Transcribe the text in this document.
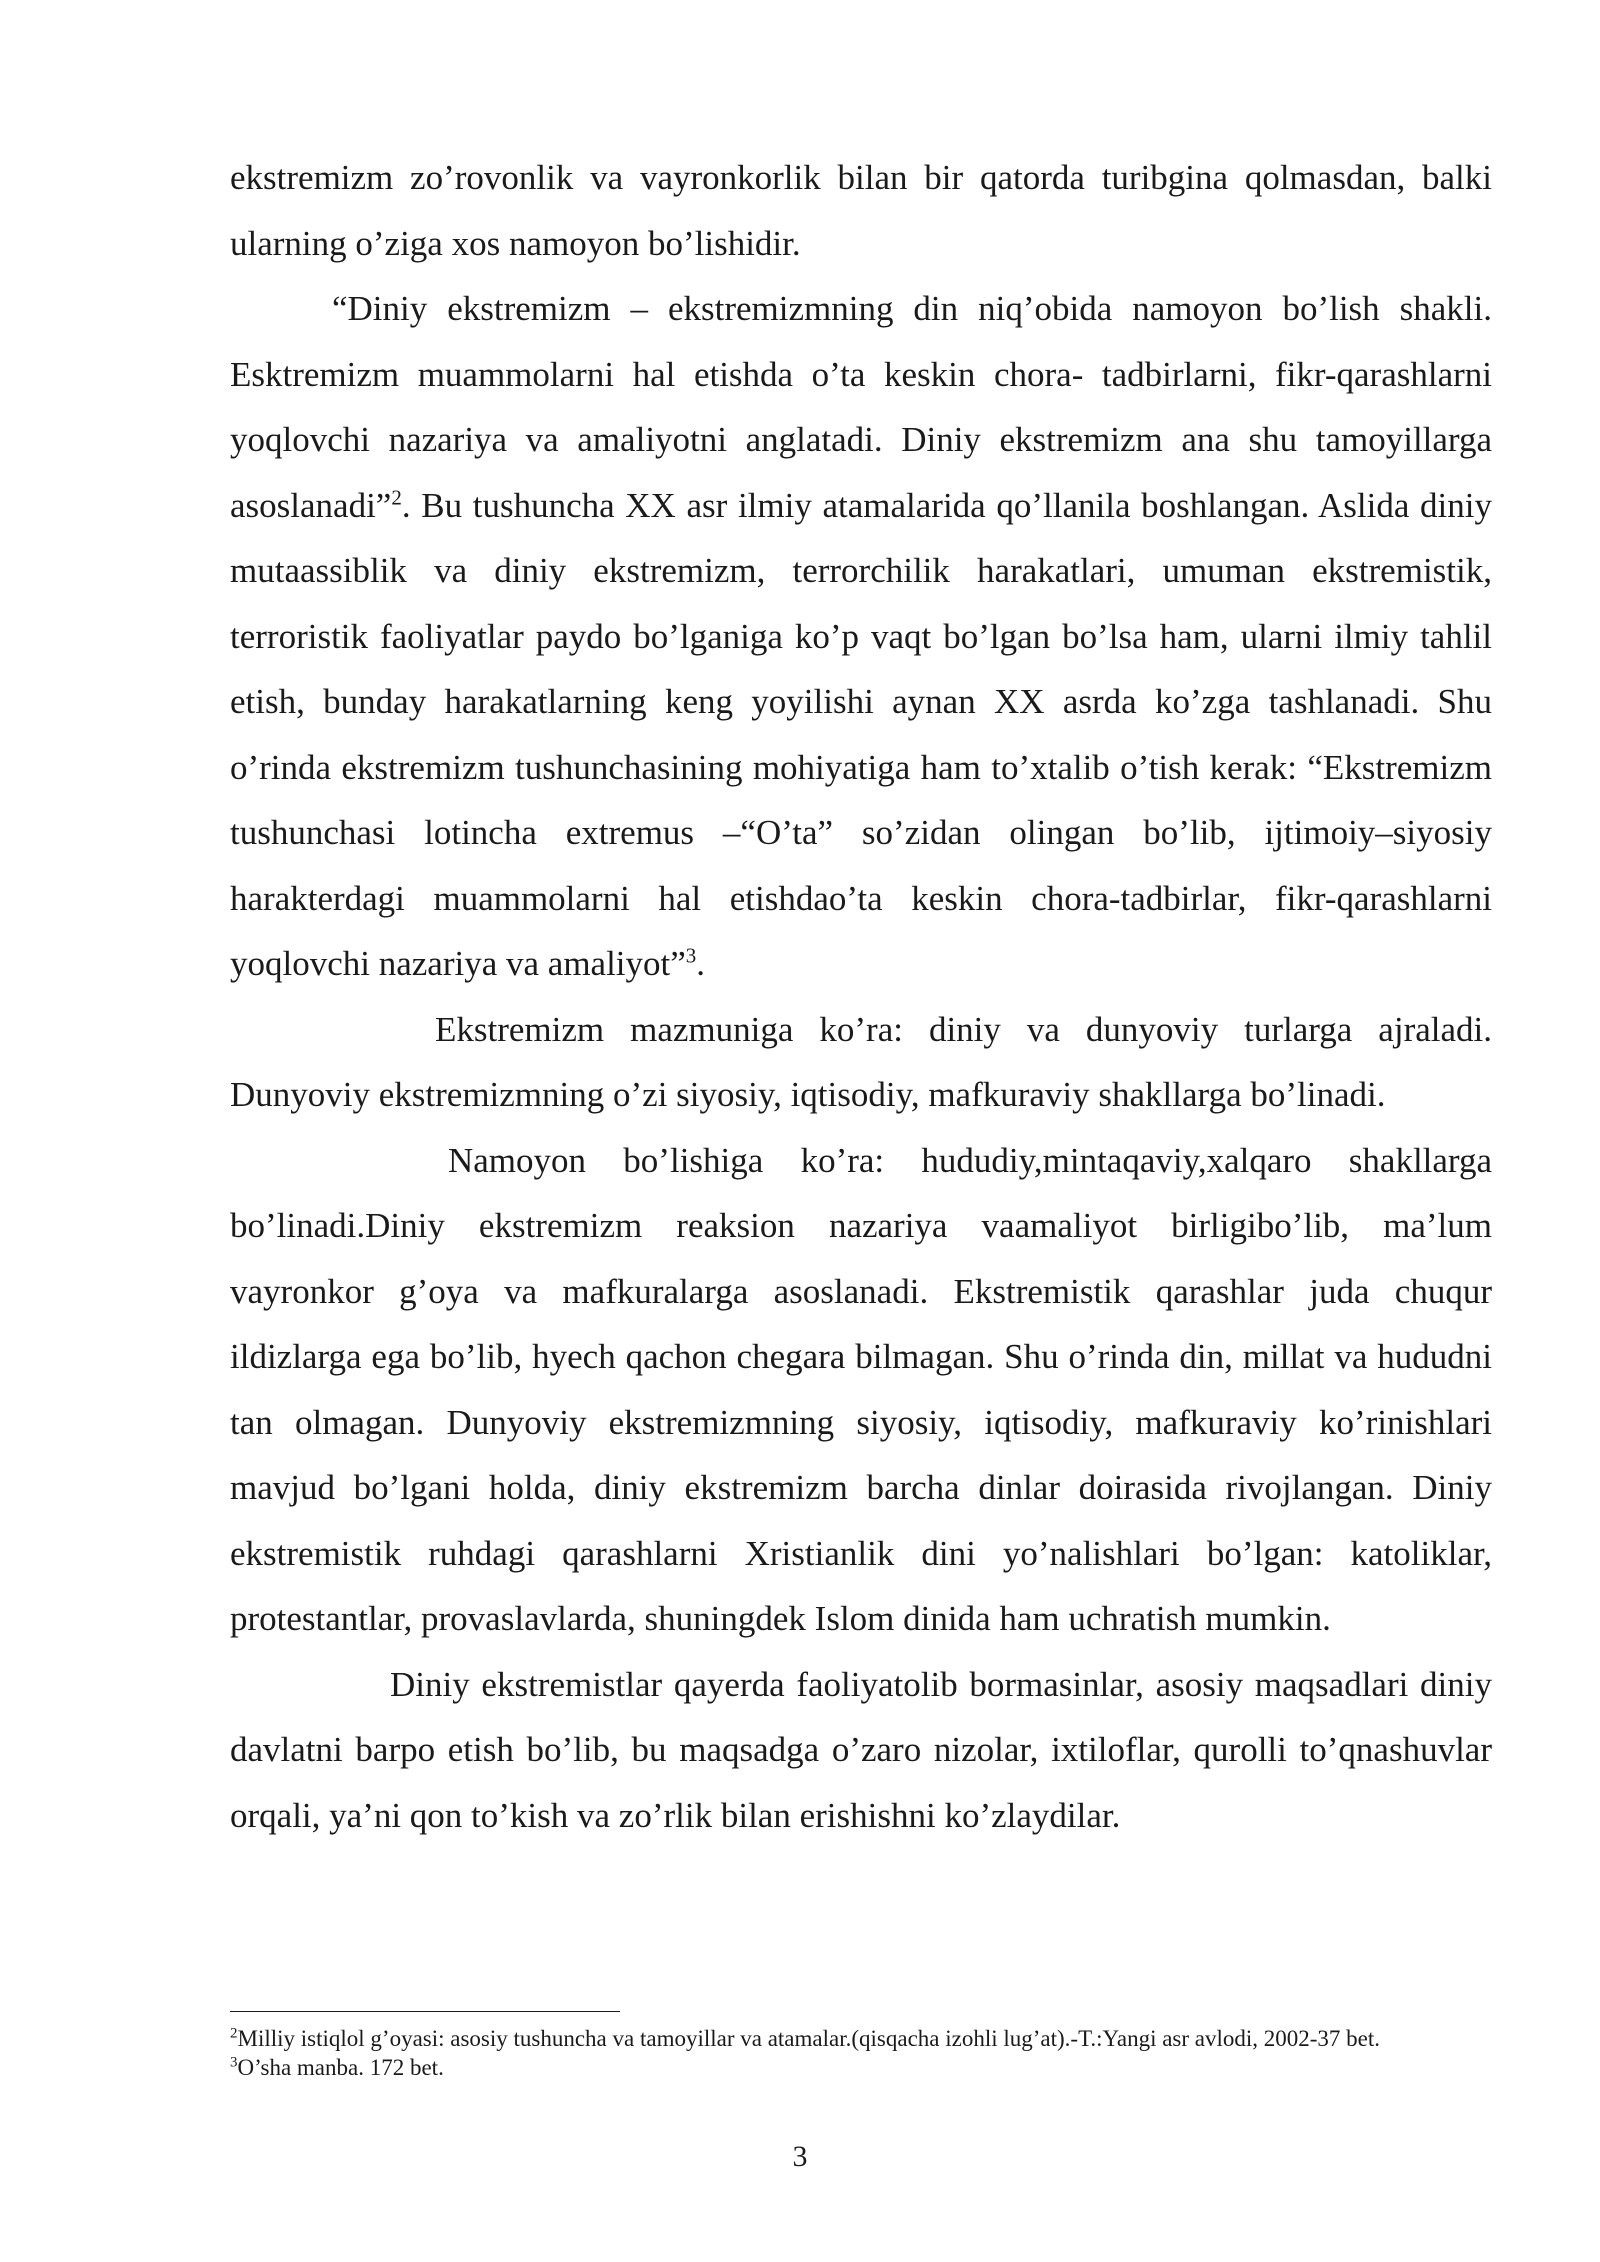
ekstremizm zo’rovonlik va vayronkorlik bilan bir qatorda turibgina qolmasdan, balki ularning o’ziga xos namoyon bo’lishidir.

“Diniy ekstremizm – ekstremizmning din niq’obida namoyon bo’lish shakli. Esktremizm muammolarni hal etishda o’ta keskin chora- tadbirlarni, fikr-qarashlarni yoqlovchi nazariya va amaliyotni anglatadi. Diniy ekstremizm ana shu tamoyillarga asoslanadi”$^2$. Bu tushuncha XX asr ilmiy atamalarida qo’llanila boshlangan. Aslida diniy mutaassiblik va diniy ekstremizm, terrorchilik harakatlari, umuman ekstremistik, terroristik faoliyatlar paydo bo’lganiga ko’p vaqt bo’lgan bo’lsa ham, ularni ilmiy tahlil etish, bunday harakatlarning keng yoyilishi aynan XX asrda ko’zga tashlanadi. Shu o’rinda ekstremizm tushunchasining mohiyatiga ham to’xtalib o’tish kerak: “Ekstremizm tushunchasi lotincha extremus –“O’ta” so’zidan olingan bo’lib, ijtimoiy–siyosiy harakterdagi muammolarni hal etishdao’ta keskin chora-tadbirlar, fikr-qarashlarni yoqlovchi nazariya va amaliyot”$^3$.

Ekstremizm mazmuniga ko’ra: diniy va dunyoviy turlarga ajraladi. Dunyoviy ekstremizmning o’zi siyosiy, iqtisodiy, mafkuraviy shakllarga bo’linadi.

Namoyon bo’lishiga ko’ra: hududiy,mintaqaviy,xalqaro shakllarga bo’linadi.Diniy ekstremizm reaksion nazariya vaamaliyot birligibo’lib, ma’lum vayronkor g’oya va mafkuralarga asoslanadi. Ekstremistik qarashlar juda chuqur ildizlarga ega bo’lib, hyech qachon chegara bilmagan. Shu o’rinda din, millat va hududni tan olmagan. Dunyoviy ekstremizmning siyosiy, iqtisodiy, mafkuraviy ko’rinishlari mavjud bo’lgani holda, diniy ekstremizm barcha dinlar doirasida rivojlangan. Diniy ekstremistik ruhdagi qarashlarni Xristianlik dini yo’nalishlari bo’lgan: katoliklar, protestantlar, provaslavlarda, shuningdek Islom dinida ham uchratish mumkin.

Diniy ekstremistlar qayerda faoliyatolib bormasinlar, asosiy maqsadlari diniy davlatni barpo etish bo’lib, bu maqsadga o’zaro nizolar, ixtiloflar, qurolli to’qnashuvlar orqali, ya’ni qon to’kish va zo’rlik bilan erishishni ko’zlaydilar.

$^2$Milliy istiqlol g’oyasi: asosiy tushuncha va tamoyillar va atamalar.(qisqacha izohli lug’at).-T.:Yangi asr avlodi, 2002-37 bet.

$^3$O’sha manba. 172 bet.

3
